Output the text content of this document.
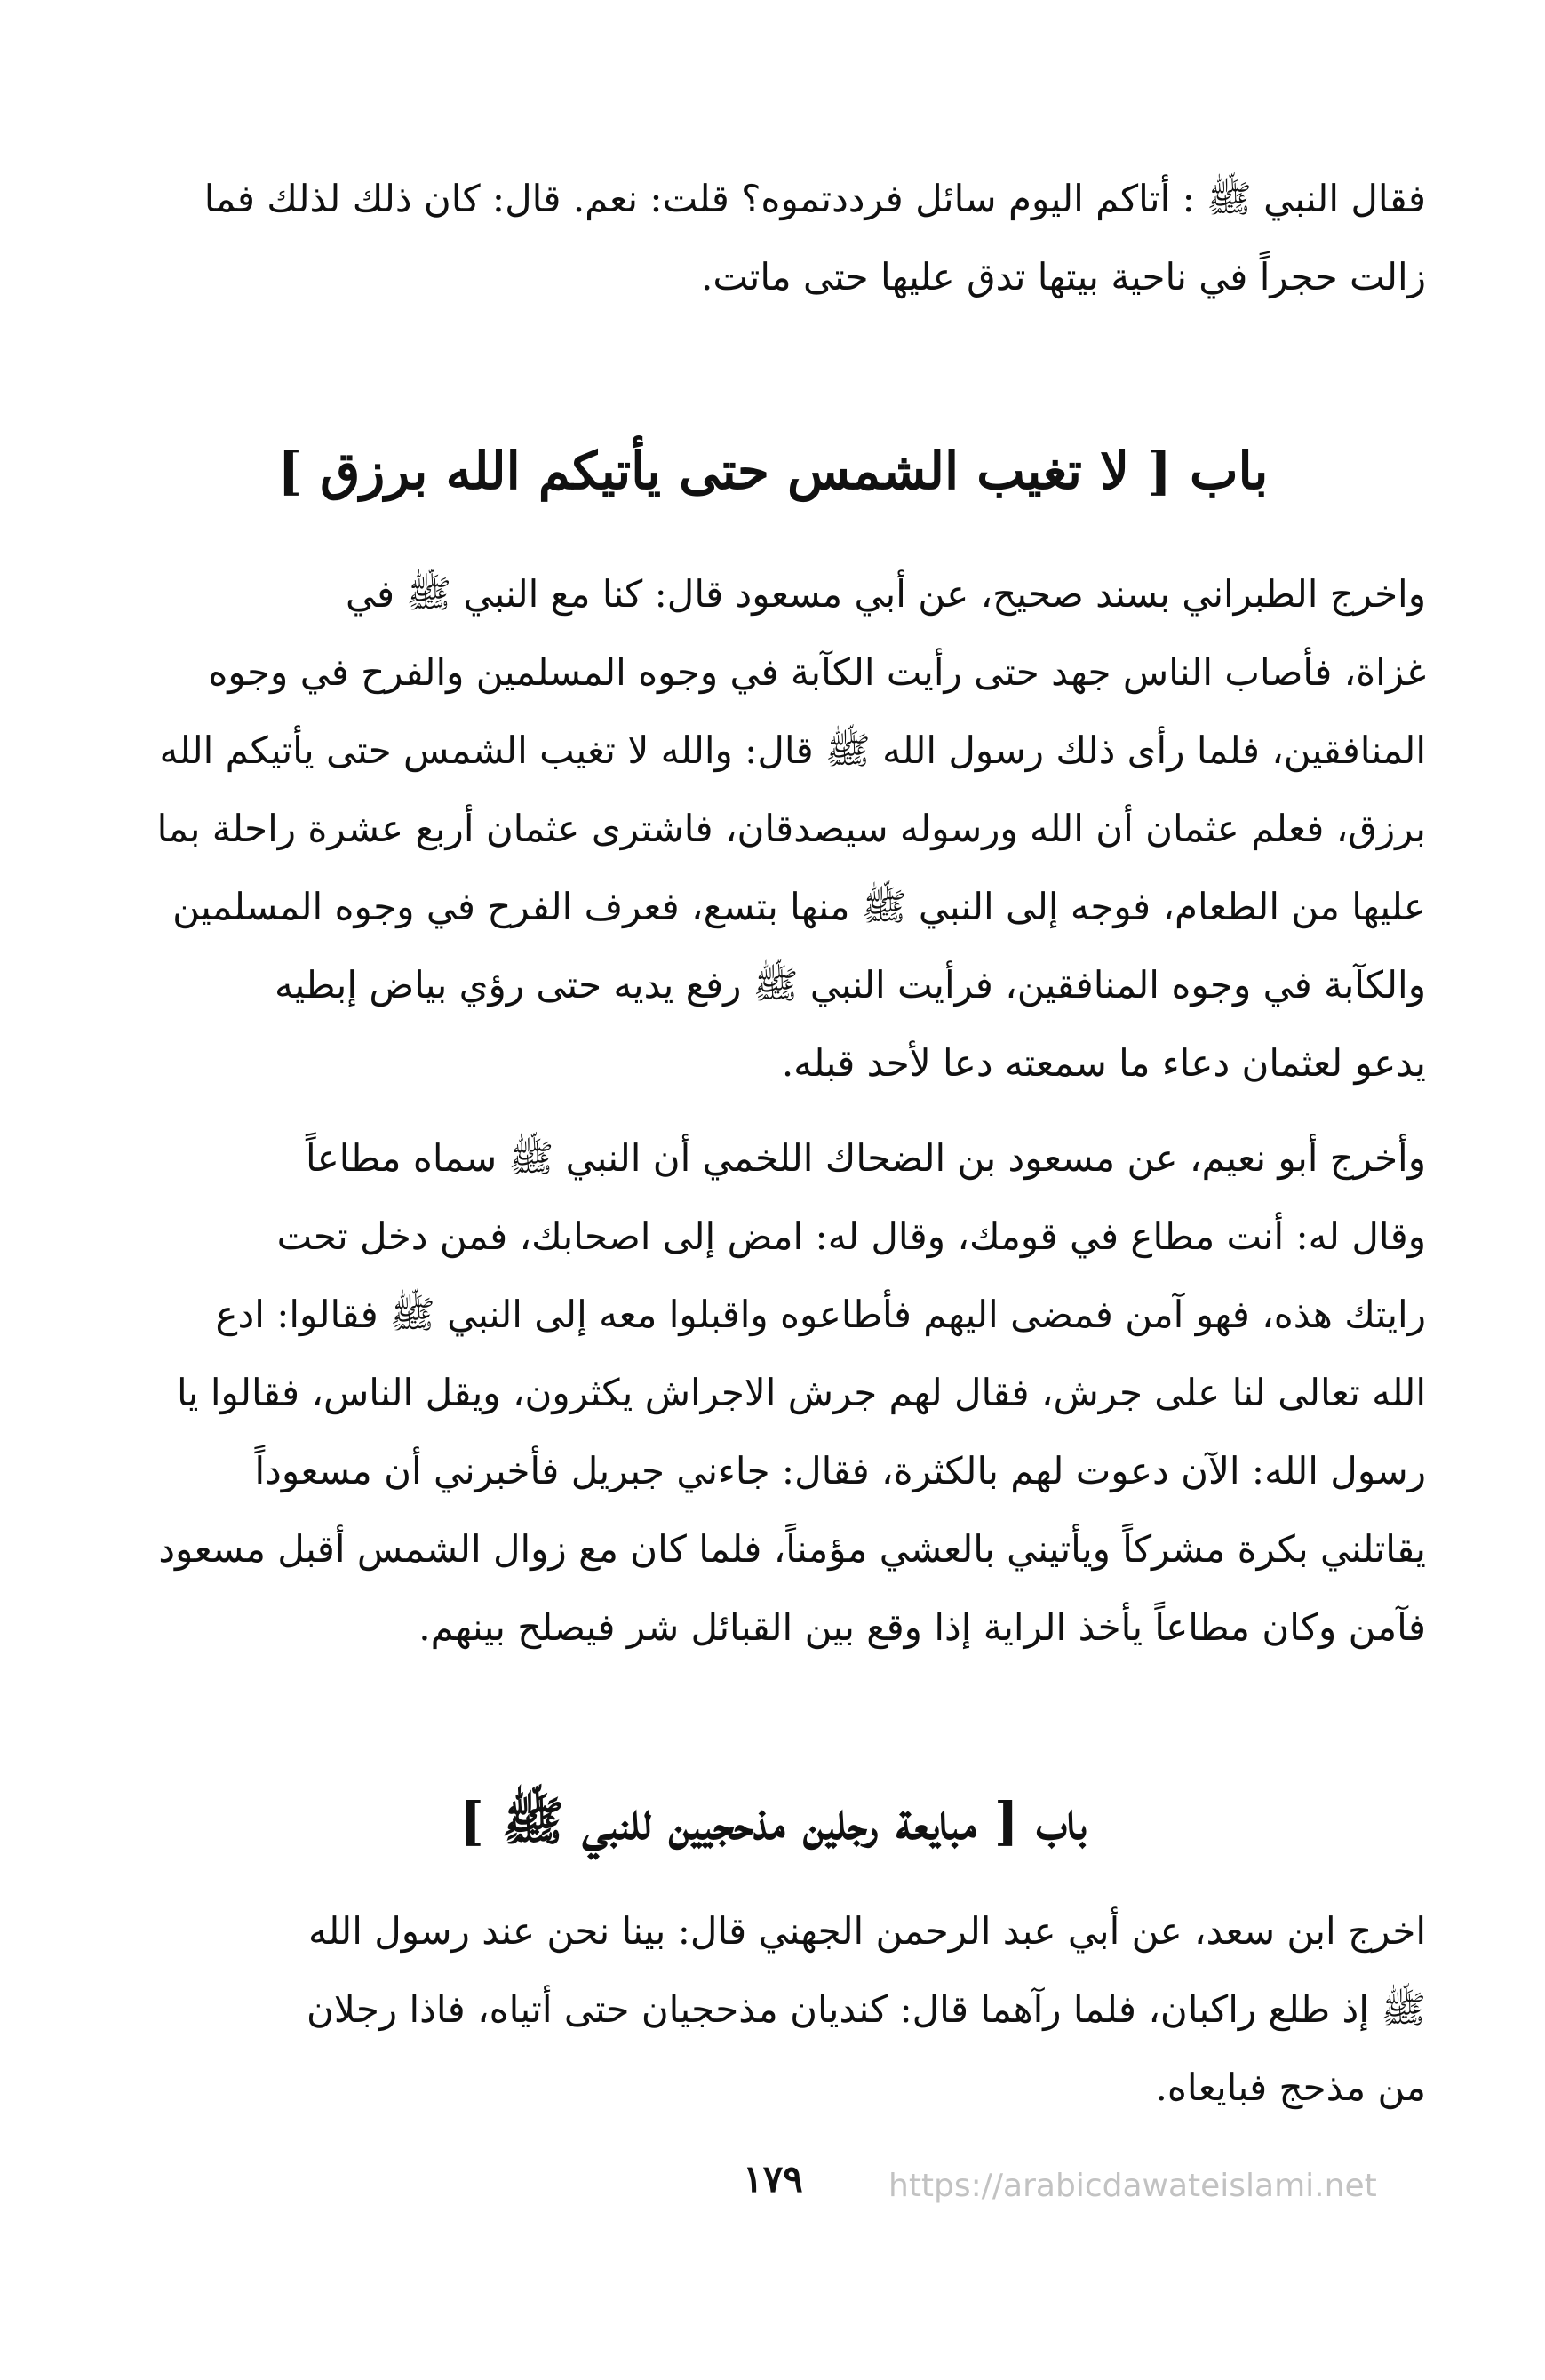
فقال النبي ﷺ : أتاكم اليوم سائل فرددتموه؟ قلت: نعم. قال: كان ذلك لذلك فما
زالت حجراً في ناحية بيتها تدق عليها حتى ماتت.
باب [ لا تغيب الشمس حتى يأتيكم الله برزق ]
واخرج الطبراني بسند صحيح، عن أبي مسعود قال: كنا مع النبي ﷺ في
غزاة، فأصاب الناس جهد حتى رأيت الكآبة في وجوه المسلمين والفرح في وجوه
المنافقين، فلما رأى ذلك رسول الله ﷺ قال: والله لا تغيب الشمس حتى يأتيكم الله
برزق، فعلم عثمان أن الله ورسوله سيصدقان، فاشترى عثمان أربع عشرة راحلة بما
عليها من الطعام، فوجه إلى النبي ﷺ منها بتسع، فعرف الفرح في وجوه المسلمين
والكآبة في وجوه المنافقين، فرأيت النبي ﷺ رفع يديه حتى رؤي بياض إبطيه
يدعو لعثمان دعاء ما سمعته دعا لأحد قبله.
وأخرج أبو نعيم، عن مسعود بن الضحاك اللخمي أن النبي ﷺ سماه مطاعاً
وقال له: أنت مطاع في قومك، وقال له: امض إلى اصحابك، فمن دخل تحت
رايتك هذه، فهو آمن فمضى اليهم فأطاعوه واقبلوا معه إلى النبي ﷺ فقالوا: ادع
الله تعالى لنا على جرش، فقال لهم جرش الاجراش يكثرون، ويقل الناس، فقالوا يا
رسول الله: الآن دعوت لهم بالكثرة، فقال: جاءني جبريل فأخبرني أن مسعوداً
يقاتلني بكرة مشركاً ويأتيني بالعشي مؤمناً، فلما كان مع زوال الشمس أقبل مسعود
فآمن وكان مطاعاً يأخذ الراية إذا وقع بين القبائل شر فيصلح بينهم.
باب [ مبايعة رجلين مذحجيين للنبي ﷺ ]
اخرج ابن سعد، عن أبي عبد الرحمن الجهني قال: بينا نحن عند رسول الله
ﷺ إذ طلع راكبان، فلما رآهما قال: كنديان مذحجيان حتى أتياه، فاذا رجلان
من مذحج فبايعاه.
١٧٩	https://arabicdawateislami.net
